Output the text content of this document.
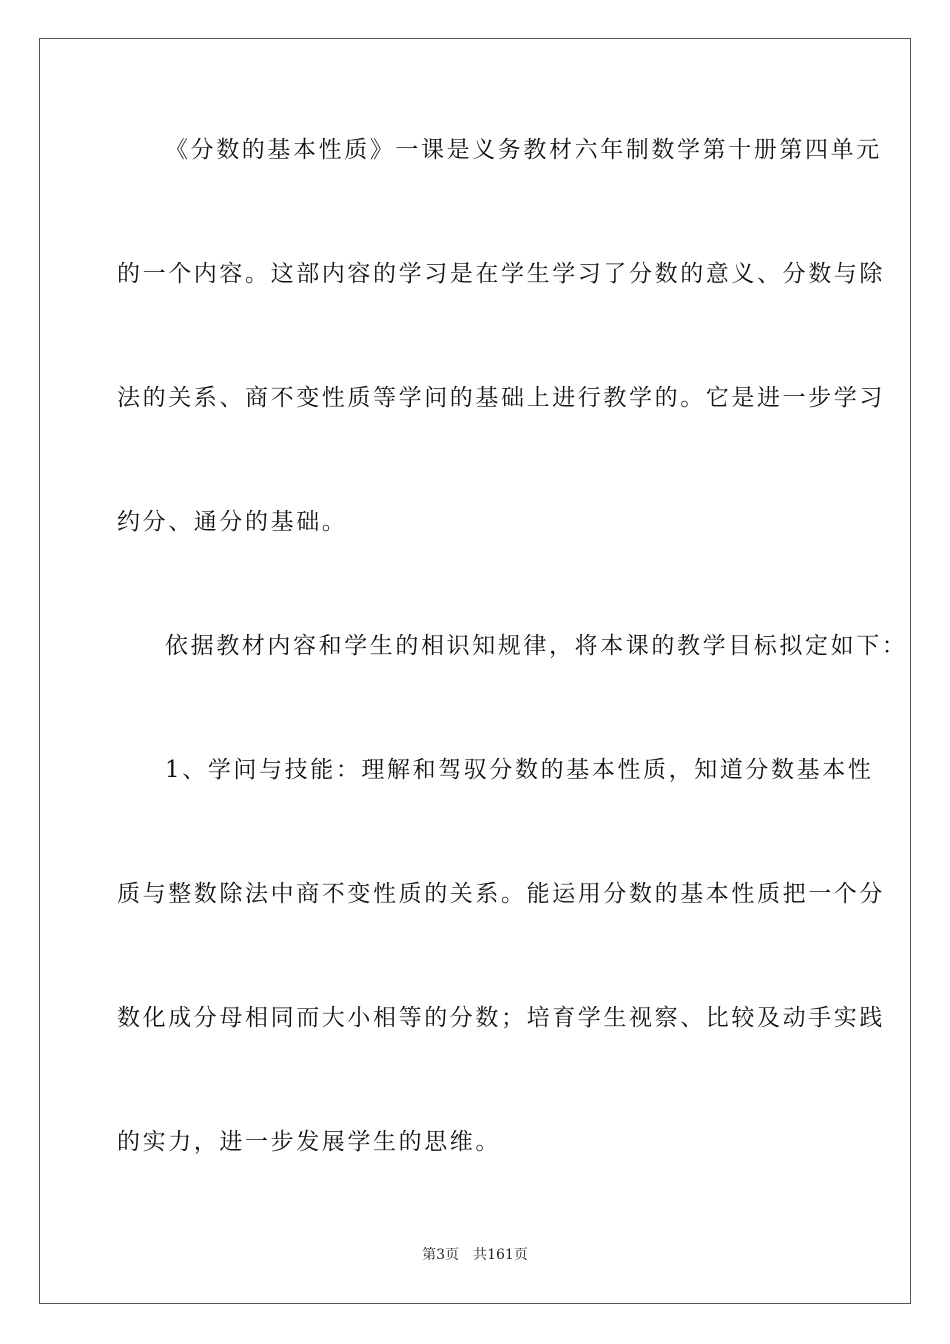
《分数的基本性质》一课是义务教材六年制数学第十册第四单元
的一个内容。这部内容的学习是在学生学习了分数的意义、分数与除
法的关系、商不变性质等学问的基础上进行教学的。它是进一步学习
约分、通分的基础。
依据教材内容和学生的相识知规律，将本课的教学目标拟定如下：
1、学问与技能：理解和驾驭分数的基本性质，知道分数基本性
质与整数除法中商不变性质的关系。能运用分数的基本性质把一个分
数化成分母相同而大小相等的分数；培育学生视察、比较及动手实践
的实力，进一步发展学生的思维。
第3页 共161页
